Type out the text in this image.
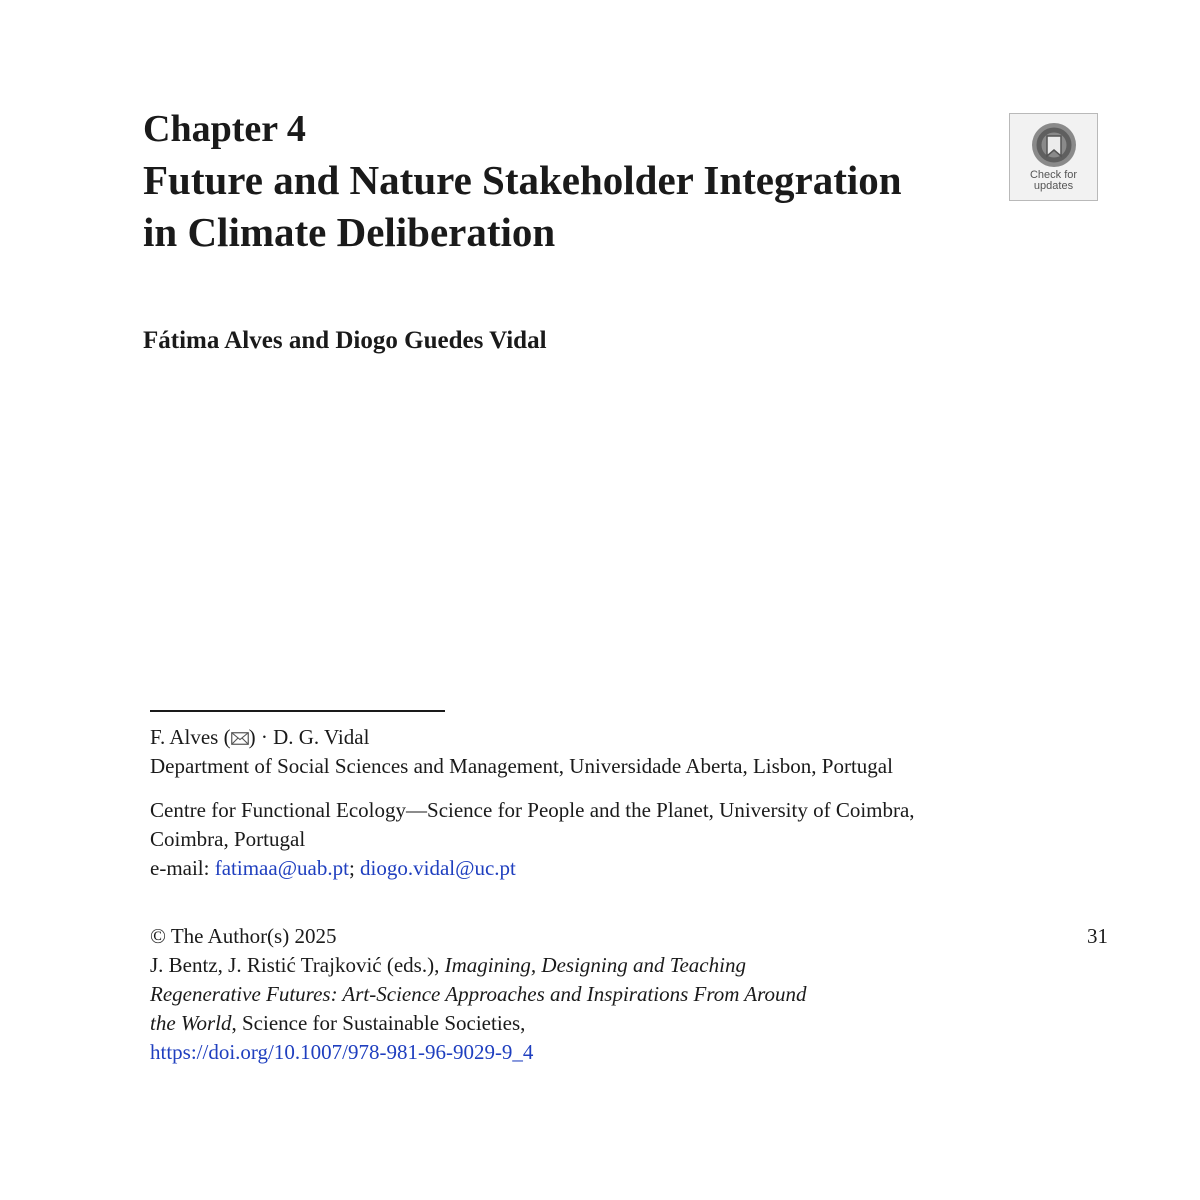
Chapter 4
Future and Nature Stakeholder Integration
in Climate Deliberation
Check for
updates

Fátima Alves and Diogo Guedes Vidal

F. Alves ( ) · D. G. Vidal

Department of Social Sciences and Management, Universidade Aberta, Lisbon, Portugal

Centre for Functional Ecology—Science for People and the Planet, University of Coimbra,
Coimbra, Portugal

e-mail: fatimaa@uab.pt; diogo.vidal@uc.pt

© The Author(s) 2025

J. Bentz, J. Ristić Trajković (eds.), Imagining, Designing and Teaching
Regenerative Futures: Art-Science Approaches and Inspirations From Around
the World, Science for Sustainable Societies,
https://doi.org/10.1007/978-981-96-9029-9_4

31
